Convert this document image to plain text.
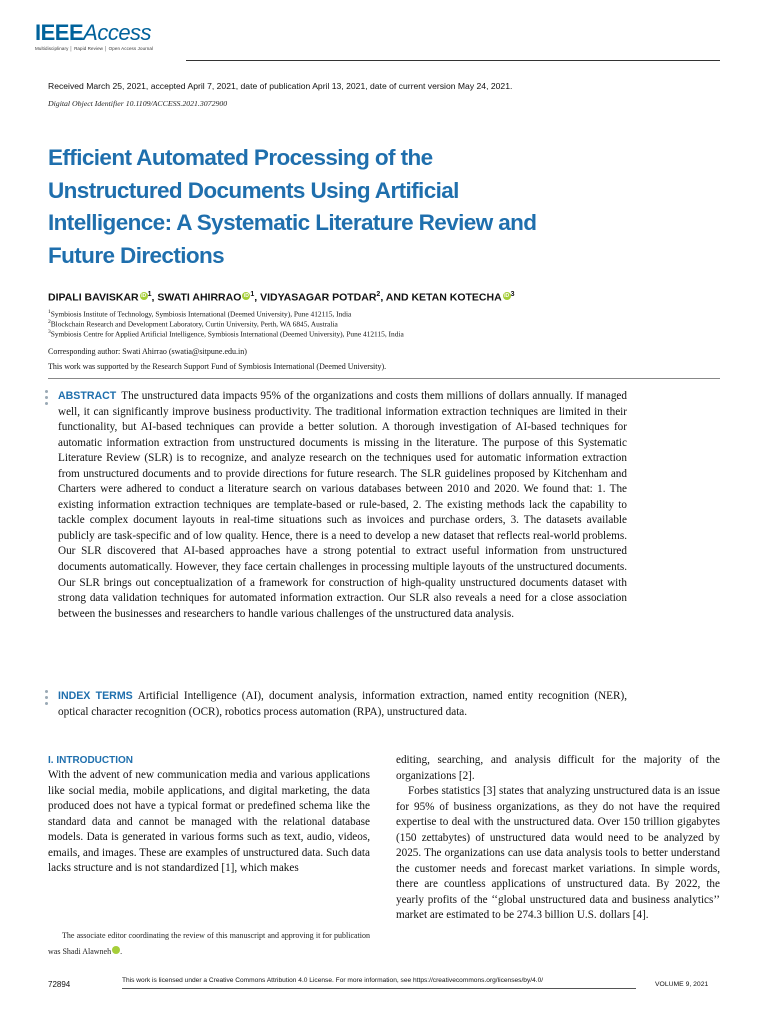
IEEEAccess
Multidisciplinary │ Rapid Review │ Open Access Journal
Received March 25, 2021, accepted April 7, 2021, date of publication April 13, 2021, date of current version May 24, 2021.
Digital Object Identifier 10.1109/ACCESS.2021.3072900
Efficient Automated Processing of the Unstructured Documents Using Artificial Intelligence: A Systematic Literature Review and Future Directions
DIPALI BAVISKAR iD $^1$, SWATI AHIRRAO iD $^1$, VIDYASAGAR POTDAR$^2$, AND KETAN KOTECHA iD $^3$
$^1$Symbiosis Institute of Technology, Symbiosis International (Deemed University), Pune 412115, India
$^2$Blockchain Research and Development Laboratory, Curtin University, Perth, WA 6845, Australia
$^3$Symbiosis Centre for Applied Artificial Intelligence, Symbiosis International (Deemed University), Pune 412115, India
Corresponding author: Swati Ahirrao (swatia@sitpune.edu.in)
This work was supported by the Research Support Fund of Symbiosis International (Deemed University).

ABSTRACT The unstructured data impacts 95% of the organizations and costs them millions of dollars annually. If managed well, it can significantly improve business productivity. The traditional information extraction techniques are limited in their functionality, but AI-based techniques can provide a better solution. A thorough investigation of AI-based techniques for automatic information extraction from unstructured documents is missing in the literature. The purpose of this Systematic Literature Review (SLR) is to recognize, and analyze research on the techniques used for automatic information extraction from unstructured documents and to provide directions for future research. The SLR guidelines proposed by Kitchenham and Charters were adhered to conduct a literature search on various databases between 2010 and 2020. We found that: 1. The existing information extraction techniques are template-based or rule-based, 2. The existing methods lack the capability to tackle complex document layouts in real-time situations such as invoices and purchase orders, 3. The datasets available publicly are task-specific and of low quality. Hence, there is a need to develop a new dataset that reflects real-world problems. Our SLR discovered that AI-based approaches have a strong potential to extract useful information from unstructured documents automatically. However, they face certain challenges in processing multiple layouts of the unstructured documents. Our SLR brings out conceptualization of a framework for construction of high-quality unstructured documents dataset with strong data validation techniques for automated information extraction. Our SLR also reveals a need for a close association between the businesses and researchers to handle various challenges of the unstructured data analysis.

INDEX TERMS Artificial Intelligence (AI), document analysis, information extraction, named entity recognition (NER), optical character recognition (OCR), robotics process automation (RPA), unstructured data.

I. INTRODUCTION

With the advent of new communication media and various applications like social media, mobile applications, and digital marketing, the data produced does not have a typical format or predefined schema like the standard data and cannot be managed with the relational database models. Data is generated in various forms such as text, audio, videos, emails, and images. These are examples of unstructured data. Such data lacks structure and is not standardized [1], which makes

editing, searching, and analysis difficult for the majority of the organizations [2].

Forbes statistics [3] states that analyzing unstructured data is an issue for 95% of business organizations, as they do not have the required expertise to deal with the unstructured data. Over 150 trillion gigabytes (150 zettabytes) of unstructured data would need to be analyzed by 2025. The organizations can use data analysis tools to better understand the customer needs and forecast market variations. In simple words, there are countless applications of unstructured data. By 2022, the yearly profits of the ‘‘global unstructured data and business analytics’’ market are estimated to be 274.3 billion U.S. dollars [4].

The associate editor coordinating the review of this manuscript and approving it for publication was Shadi Alawneh	iD.
72894	This work is licensed under a Creative Commons Attribution 4.0 License. For more information, see https://creativecommons.org/licenses/by/4.0/
VOLUME 9, 2021
